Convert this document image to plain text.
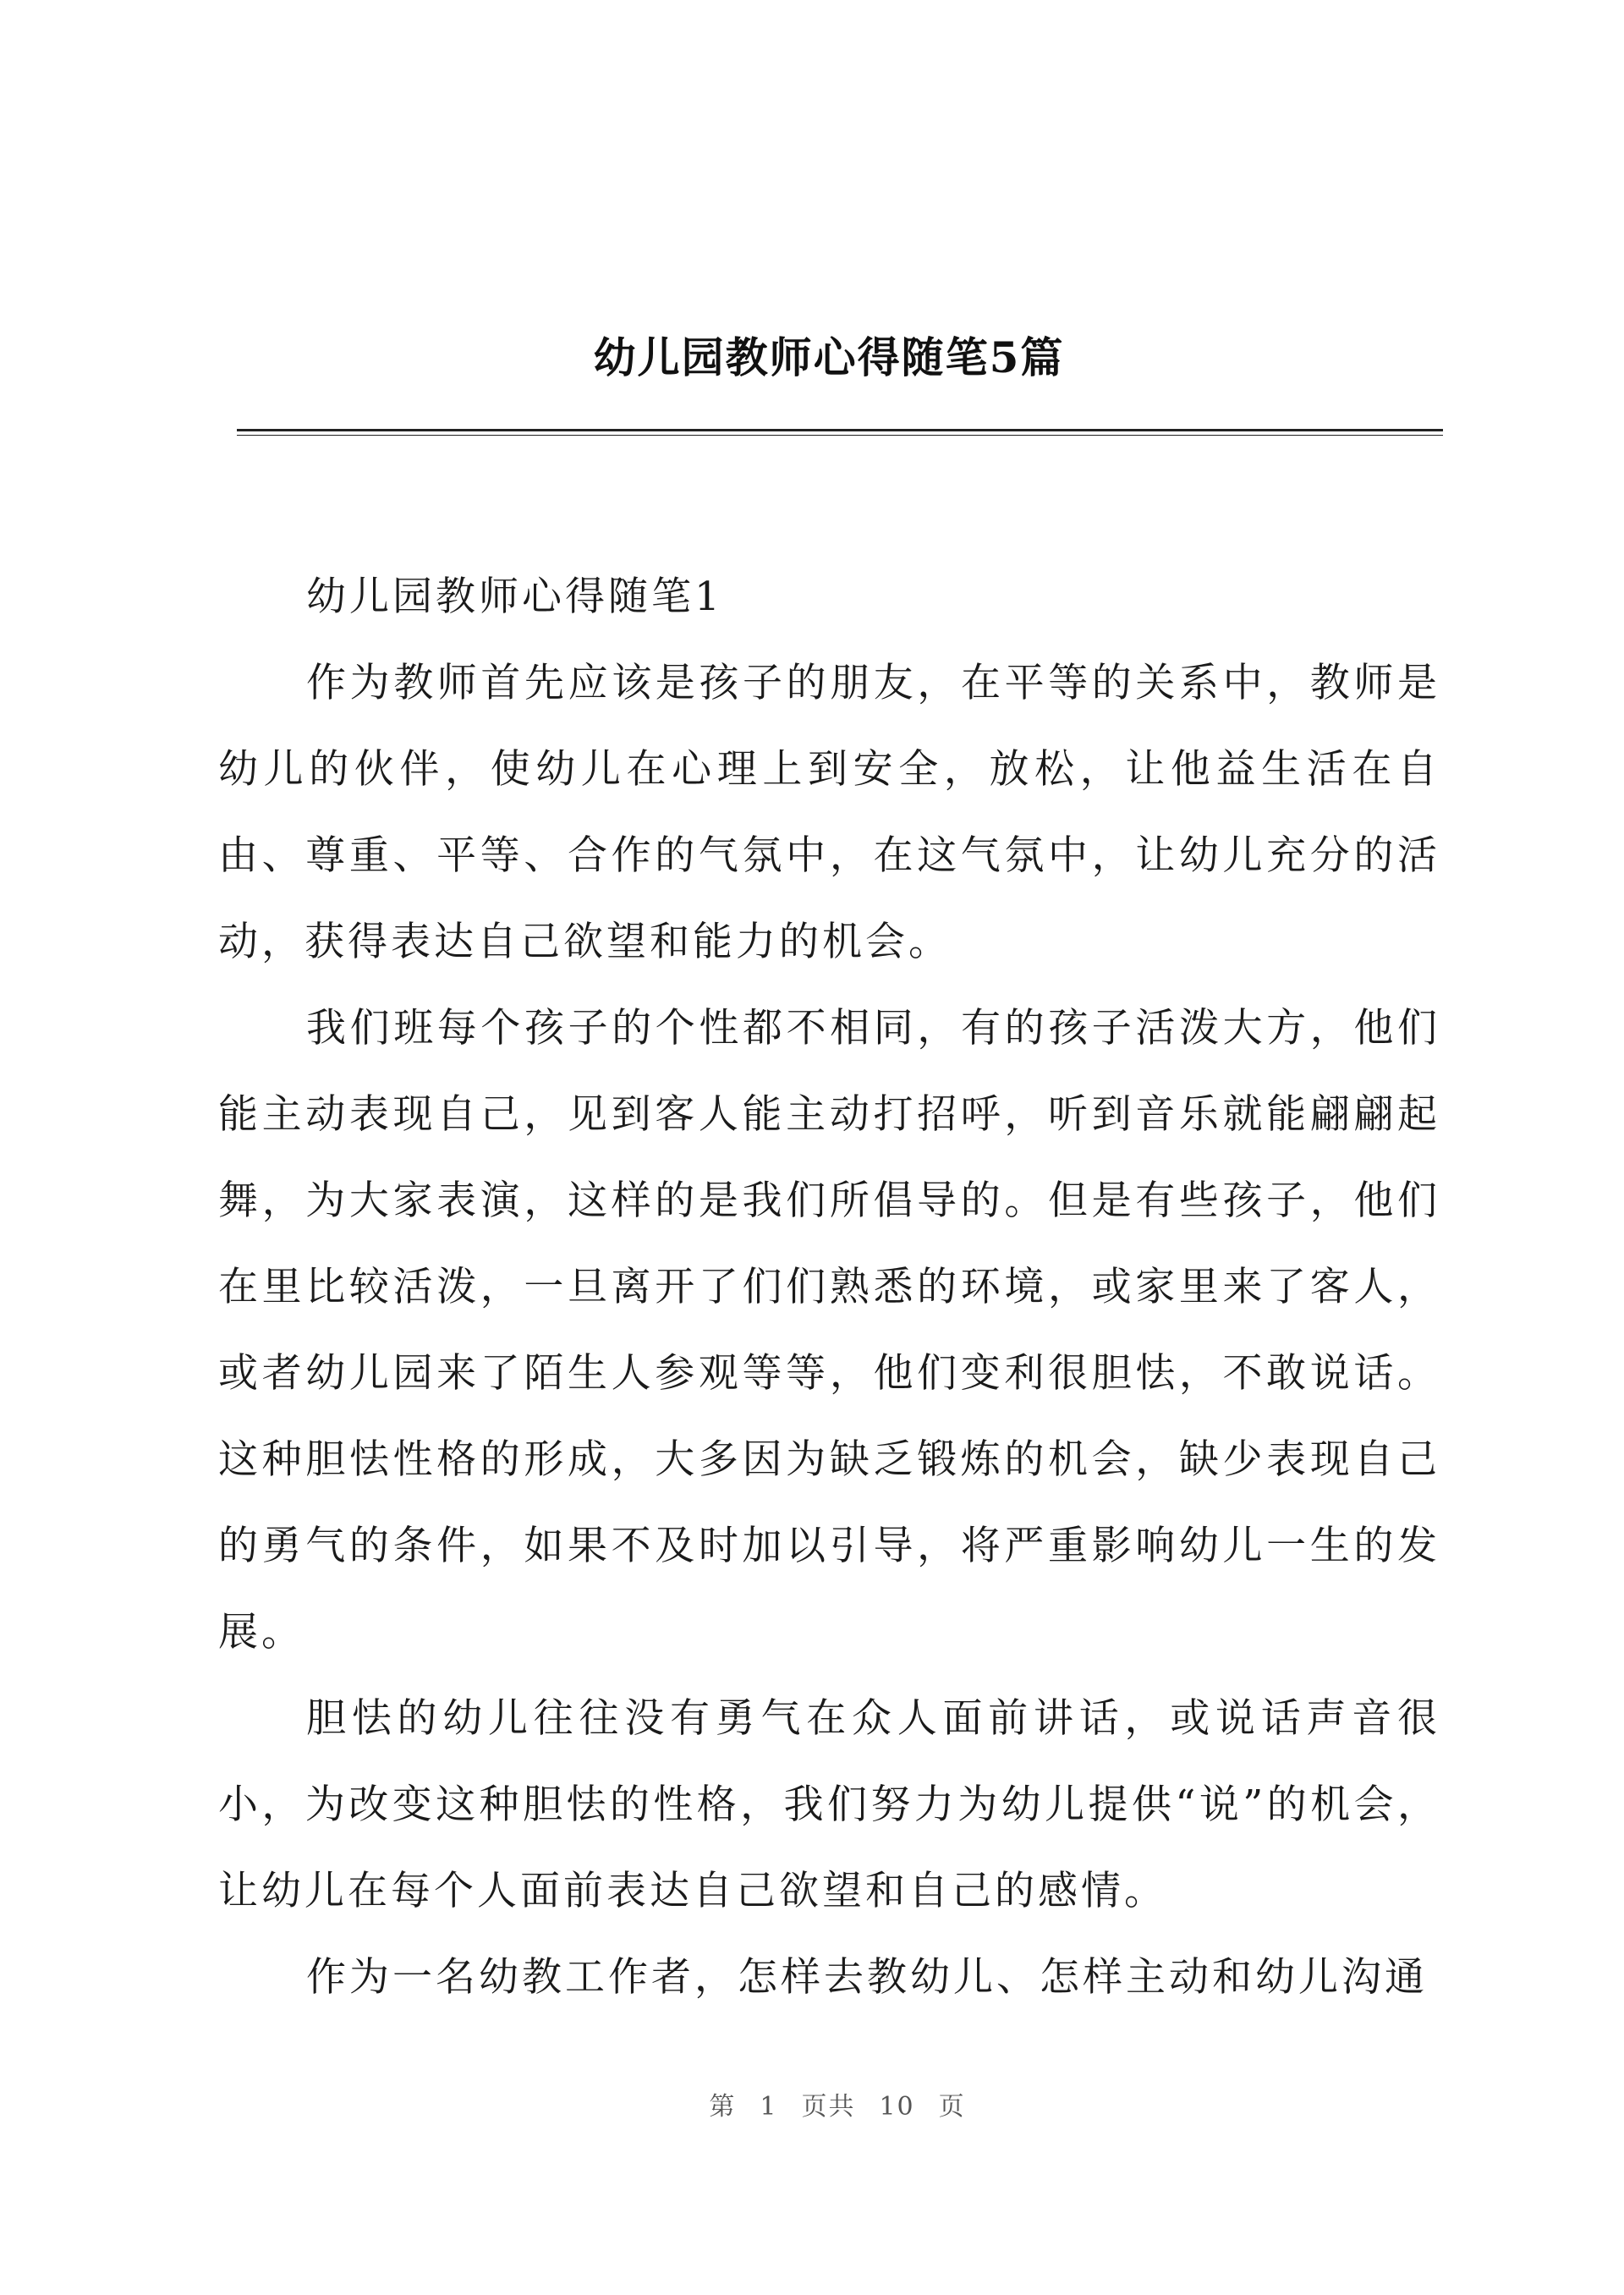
幼儿园教师心得随笔5篇

幼儿园教师心得随笔1

作为教师首先应该是孩子的朋友，在平等的关系中，教师是幼儿的伙伴，使幼儿在心理上到安全，放松，让他益生活在自由、尊重、平等、合作的气氛中，在这气氛中，让幼儿充分的活动，获得表达自己欲望和能力的机会。

我们班每个孩子的个性都不相同，有的孩子活泼大方，他们能主动表现自己，见到客人能主动打招呼，听到音乐就能翩翩起舞，为大家表演，这样的是我们所倡导的。但是有些孩子，他们在里比较活泼，一旦离开了们们熟悉的环境，或家里来了客人，或者幼儿园来了陌生人参观等等，他们变利很胆怯，不敢说话。这种胆怯性格的形成，大多因为缺乏锻炼的机会，缺少表现自己的勇气的条件，如果不及时加以引导，将严重影响幼儿一生的发展。

胆怯的幼儿往往没有勇气在众人面前讲话，或说话声音很小，为改变这种胆怯的性格，我们努力为幼儿提供“说”的机会，让幼儿在每个人面前表达自己欲望和自己的感情。

作为一名幼教工作者，怎样去教幼儿、怎样主动和幼儿沟通

第 1 页共 10 页
